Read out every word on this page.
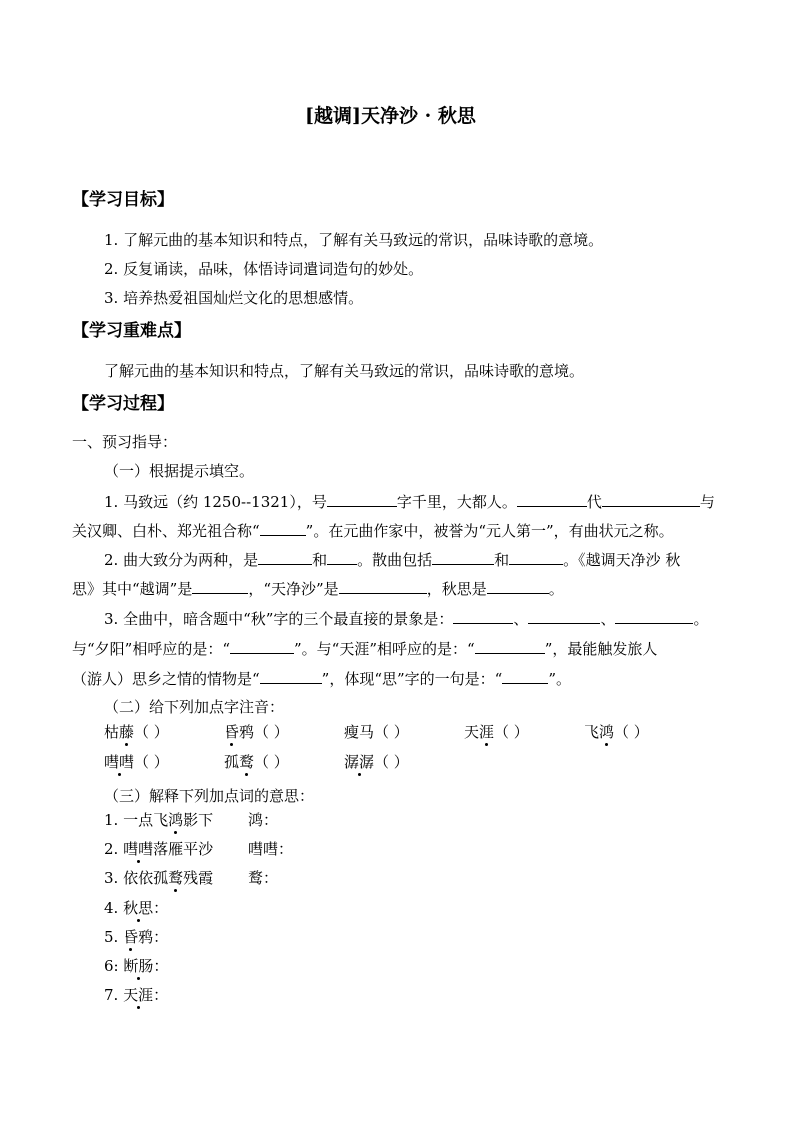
[越调]天净沙 · 秋思
【学习目标】
1. 了解元曲的基本知识和特点，了解有关马致远的常识，品味诗歌的意境。
2. 反复诵读，品味，体悟诗词遣词造句的妙处。
3. 培养热爱祖国灿烂文化的思想感情。
【学习重难点】
了解元曲的基本知识和特点，了解有关马致远的常识，品味诗歌的意境。
【学习过程】
一、预习指导：
（一）根据提示填空。
1. 马致远（约 1250--1321），号	字千里，大都人。	代	与
关汉卿、白朴、郑光祖合称“	”。在元曲作家中，被誉为“元人第一”，有曲状元之称。
2. 曲大致分为两种，是	和 。散曲包括	和	。《越调天净沙 秋
思》其中“越调”是	，“天净沙”是	，秋思是	。
3. 全曲中，暗含题中“秋”字的三个最直接的景象是：	、	、	。
与“夕阳”相呼应的是：“	”。与“天涯”相呼应的是：“	”，最能触发旅人
（游人）思乡之情的情物是“	”，体现“思”字的一句是：“	”。
（二）给下列加点字注音：
枯藤（ ）	昏鸦（ ）	瘦马（ ）	天涯（ ）	飞鸿（ ）
嘒嘒（ ）	孤鹜（ ）	潺潺（ ）
（三）解释下列加点词的意思：
1. 一点飞鸿影下 鸿：
2. 嘒嘒落雁平沙 嘒嘒：
3. 依依孤鹜残霞 鹜：
4. 秋思：
5. 昏鸦：
6: 断肠：
7. 天涯：
